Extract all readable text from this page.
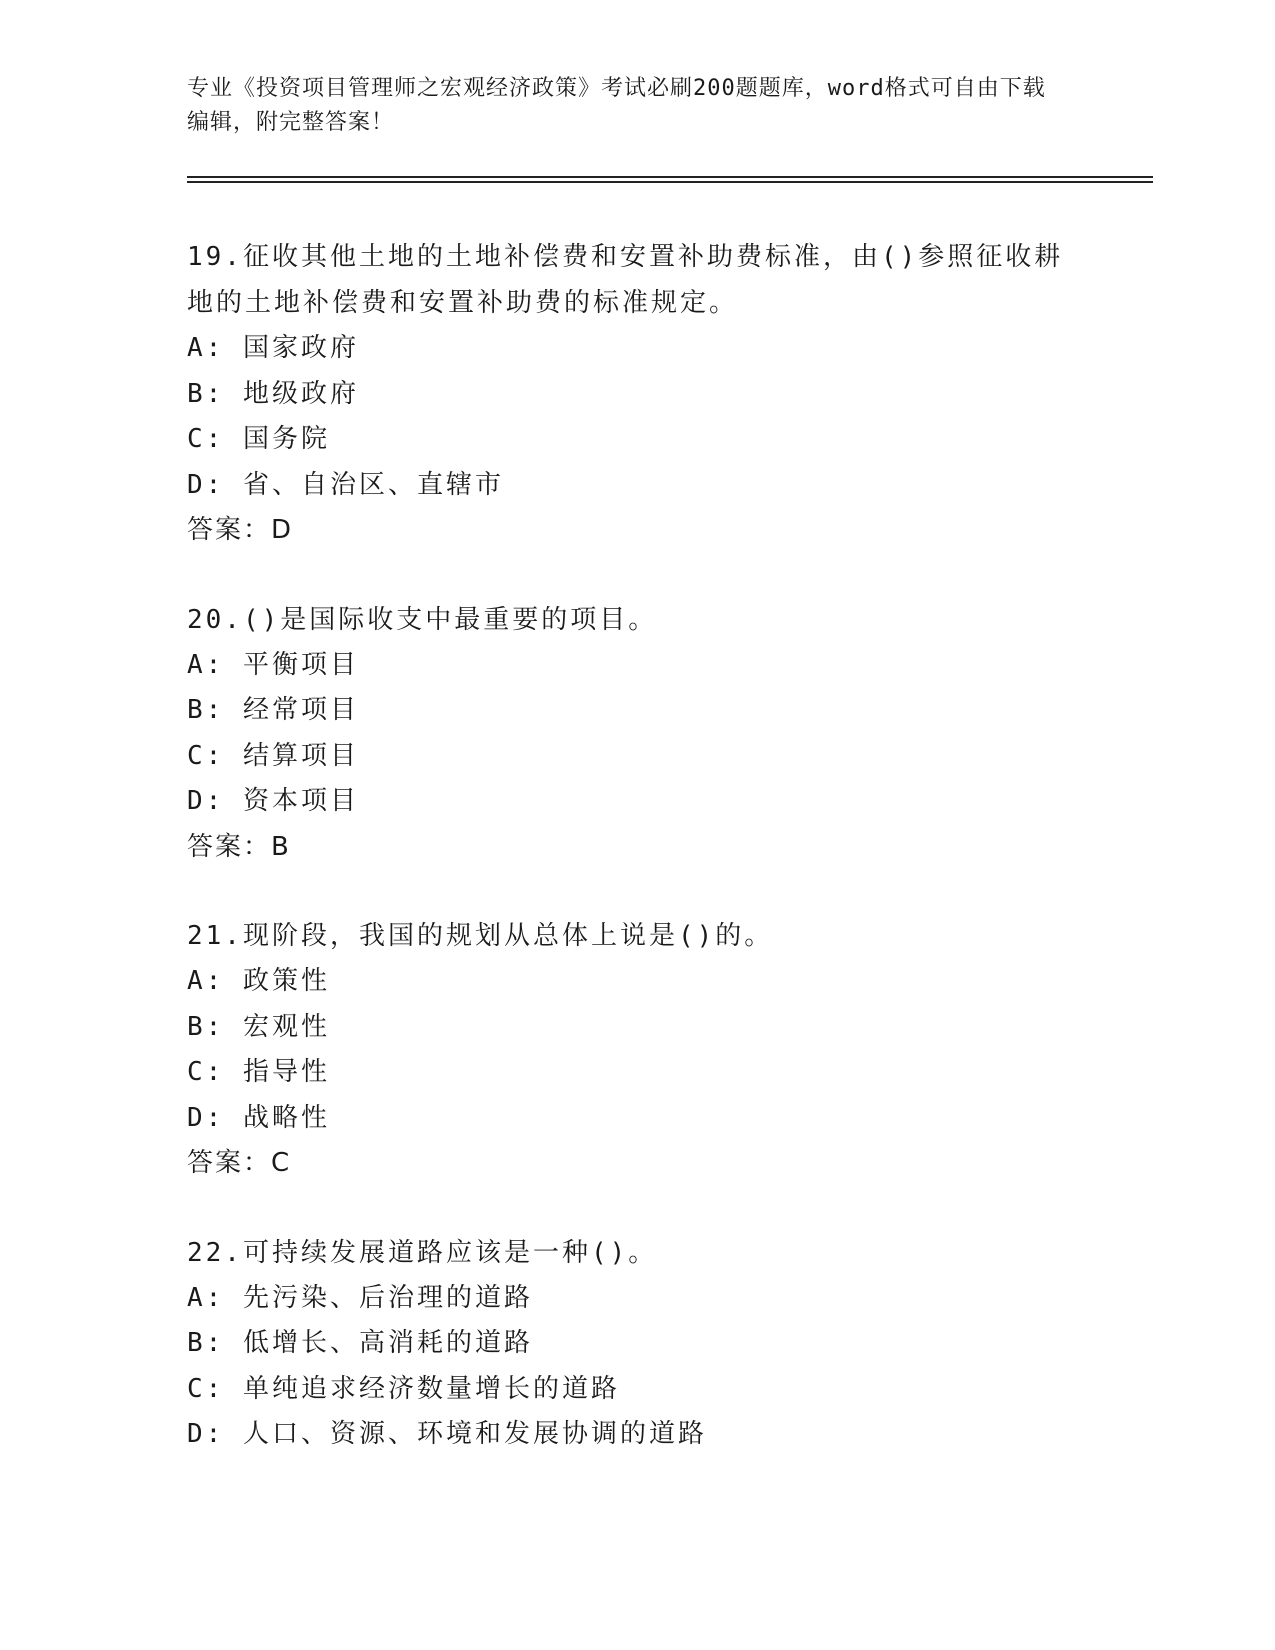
专业《投资项目管理师之宏观经济政策》考试必刷200题题库，word格式可自由下载编辑，附完整答案！
19.征收其他土地的土地补偿费和安置补助费标准，由()参照征收耕地的土地补偿费和安置补助费的标准规定。
A: 国家政府
B: 地级政府
C: 国务院
D: 省、自治区、直辖市
答案：D
20.()是国际收支中最重要的项目。
A: 平衡项目
B: 经常项目
C: 结算项目
D: 资本项目
答案：B
21.现阶段，我国的规划从总体上说是()的。
A: 政策性
B: 宏观性
C: 指导性
D: 战略性
答案：C
22.可持续发展道路应该是一种()。
A: 先污染、后治理的道路
B: 低增长、高消耗的道路
C: 单纯追求经济数量增长的道路
D: 人口、资源、环境和发展协调的道路
